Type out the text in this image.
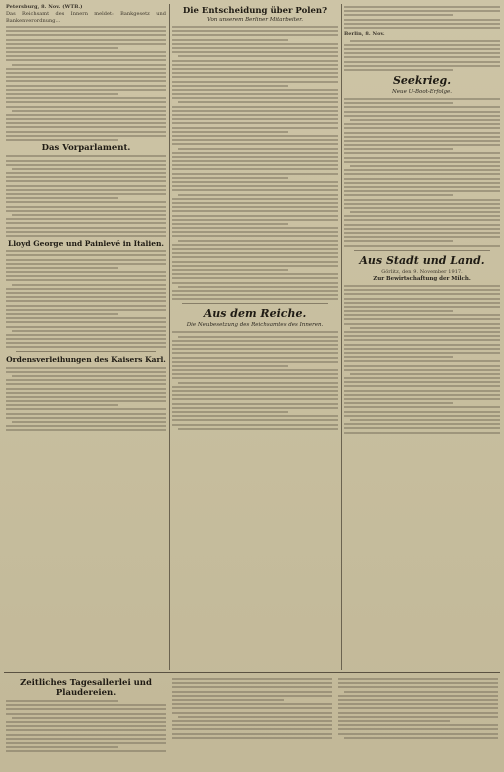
Petersburg, 8. Nov. (WTB.)
Das Reichsamt des Innern meldet: Bankgesetz und Bankenverordnung...
Das Vorparlament.
Lloyd George und Painlevé in Italien.
Ordensverleihungen des Kaisers Karl.
Die Entscheidung über Polen?
Von unserem Berliner Mitarbeiter.
Aus dem Reiche.
Die Neubesetzung des Reichsamtes des Inneren.
Berlin, 8. Nov.
Seekrieg.
Neue U-Boot-Erfolge.
Aus Stadt und Land.
Görlitz, den 9. November 1917.
Zur Bewirtschaftung der Milch.
Zeitliches Tagesallerlei und Plaudereien.
